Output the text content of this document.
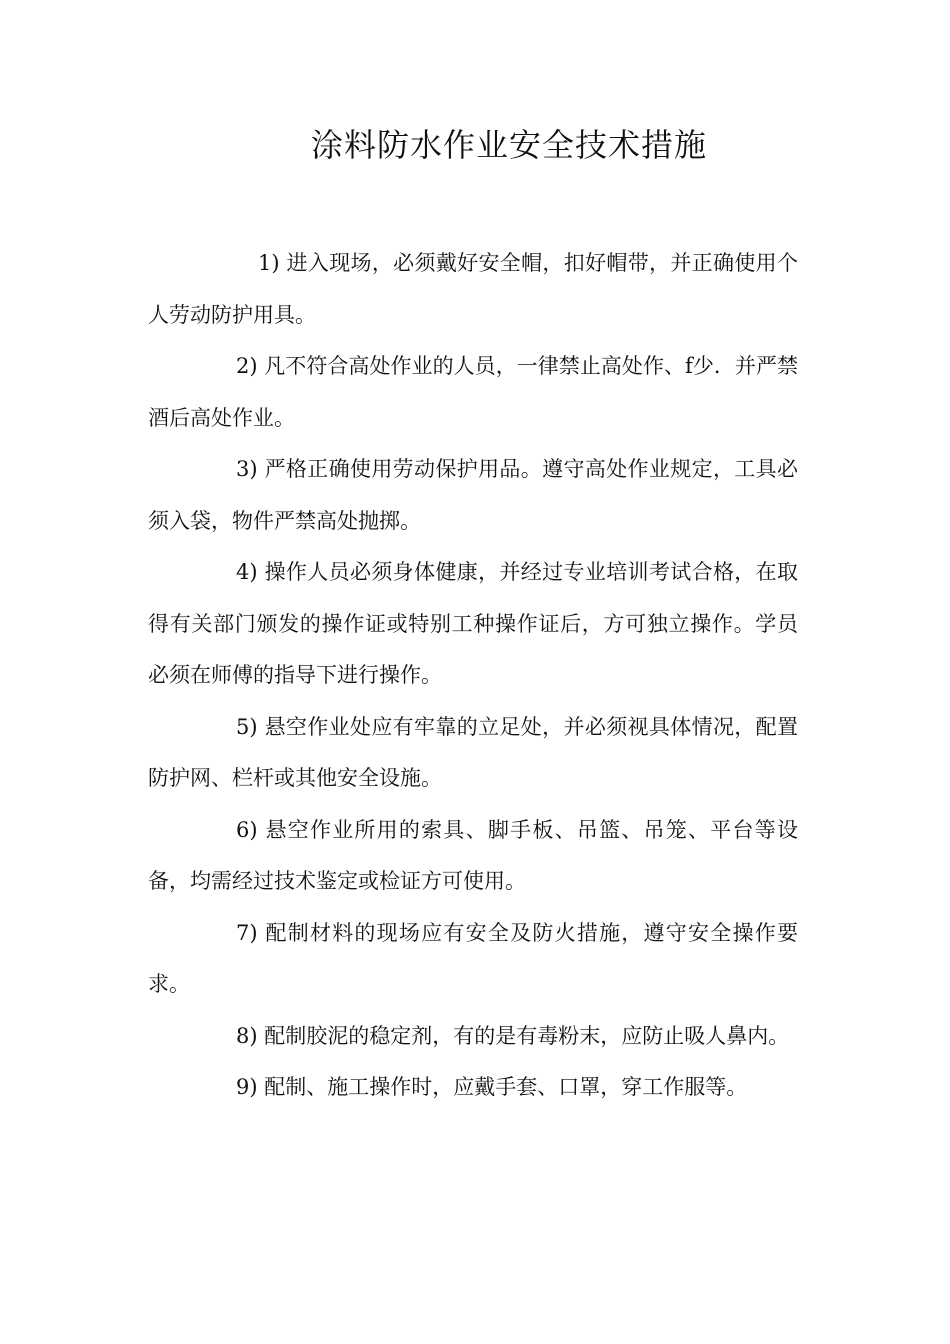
涂料防水作业安全技术措施

1) 进入现场，必须戴好安全帽，扣好帽带，并正确使用个人劳动防护用具。

2) 凡不符合高处作业的人员，一律禁止高处作、f少．并严禁酒后高处作业。

3) 严格正确使用劳动保护用品。遵守高处作业规定，工具必须入袋，物件严禁高处抛掷。

4) 操作人员必须身体健康，并经过专业培训考试合格，在取得有关部门颁发的操作证或特别工种操作证后，方可独立操作。学员必须在师傅的指导下进行操作。

5) 悬空作业处应有牢靠的立足处，并必须视具体情况，配置防护网、栏杆或其他安全设施。

6) 悬空作业所用的索具、脚手板、吊篮、吊笼、平台等设备，均需经过技术鉴定或检证方可使用。

7) 配制材料的现场应有安全及防火措施，遵守安全操作要求。

8) 配制胶泥的稳定剂，有的是有毒粉末，应防止吸人鼻内。

9) 配制、施工操作时，应戴手套、口罩，穿工作服等。
